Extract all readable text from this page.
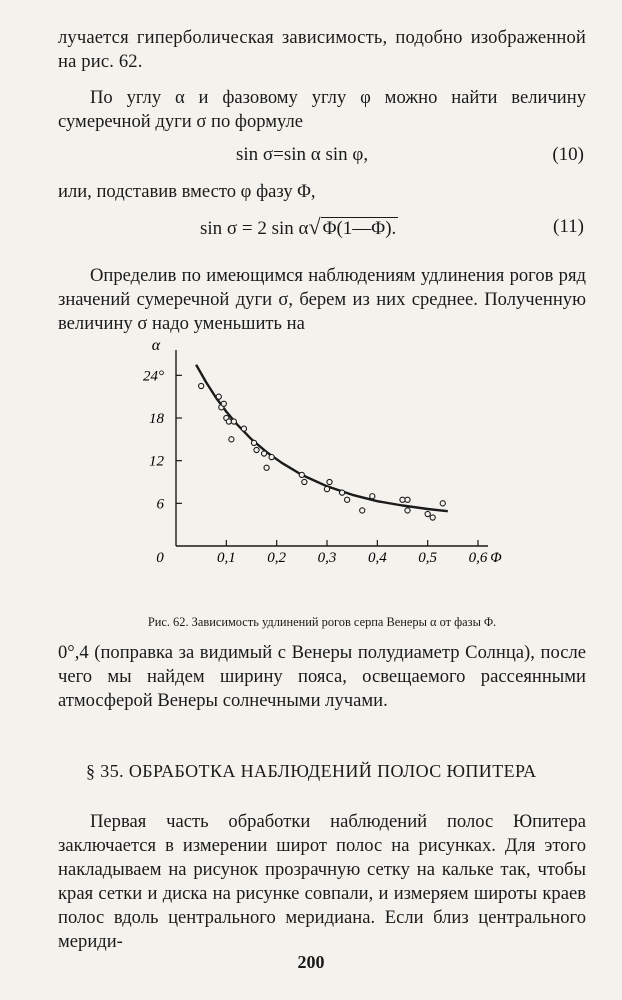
лучается гиперболическая зависимость, подобно изображенной на рис. 62.

По углу α и фазовому углу φ можно найти величину сумеречной дуги σ по формуле

sin σ=sin α sin φ,	(10)

или, подставив вместо φ фазу Φ,

sin σ = 2 sin α√ Φ(1—Φ).	(11)

Определив по имеющимся наблюдениям удлинения рогов ряд значений сумеречной дуги σ, берем из них среднее. Полученную величину σ надо уменьшить на

0	0,1 0,2 0,3 0,4 0,5 0,6 Φ
6
12
18
24°
α
Рис. 62. Зависимость удлинений рогов серпа Венеры α от фазы Φ.

0°,4 (поправка за видимый с Венеры полудиаметр Солнца), после чего мы найдем ширину пояса, освещаемого рассеянными атмосферой Венеры солнечными лучами.

§ 35. ОБРАБОТКА НАБЛЮДЕНИЙ ПОЛОС ЮПИТЕРА

Первая часть обработки наблюдений полос Юпитера заключается в измерении широт полос на рисунках. Для этого накладываем на рисунок прозрачную сетку на кальке так, чтобы края сетки и диска на рисунке совпали, и измеряем широты краев полос вдоль центрального меридиана. Если близ центрального мериди-

200
